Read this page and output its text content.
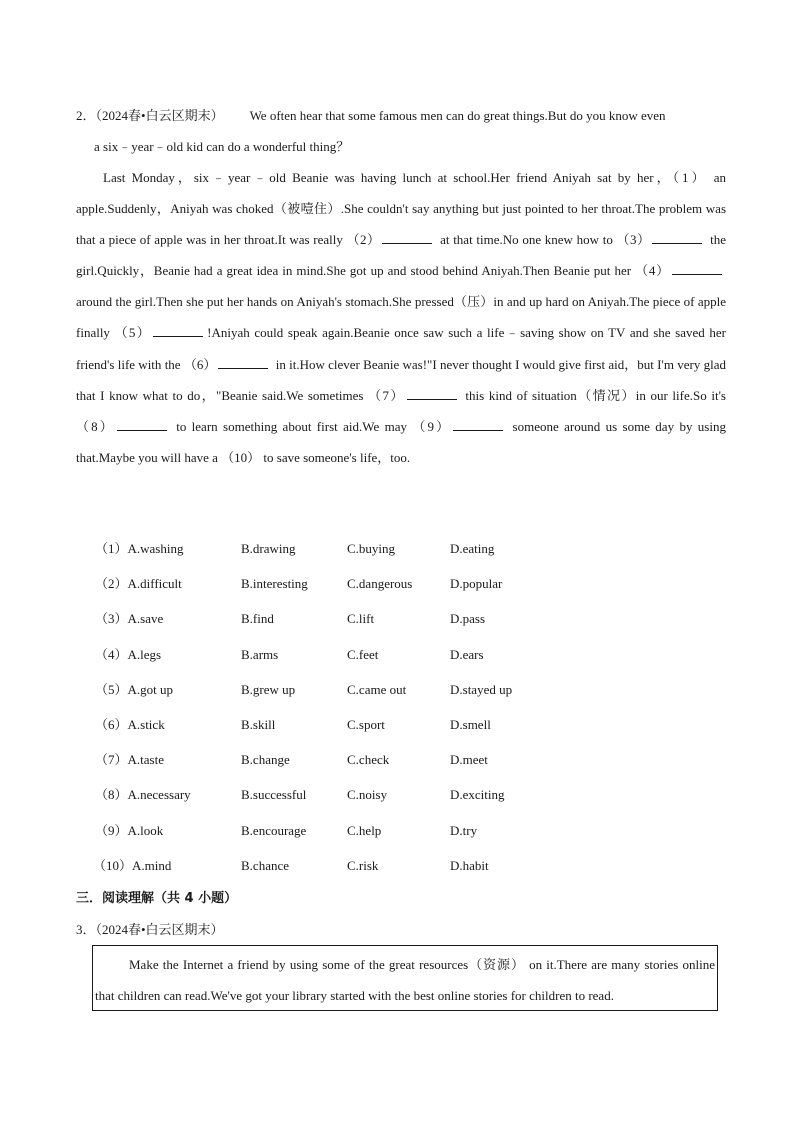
2．（2024春•白云区期末） We often hear that some famous men can do great things.But do you know even
a six﹣year﹣old kid can do a wonderful thing？

Last Monday，six﹣year﹣old Beanie was having lunch at school.Her friend Aniyah sat by her，（1） an apple.Suddenly，Aniyah was choked（被噎住）.She couldn't say anything but just pointed to her throat.The problem was that a piece of apple was in her throat.It was really （2）	at that time.No one knew how to （3）	the girl.Quickly，Beanie had a great idea in mind.She got up and stood behind Aniyah.Then Beanie put her （4） around the girl.Then she put her hands on Aniyah's stomach.She pressed（压）in and up hard on Aniyah.The piece of apple finally （5）	!Aniyah could speak again.Beanie once saw such a life﹣saving show on TV and she saved her friend's life with the （6）	in it.How clever Beanie was!"I never thought I would give first aid，but I'm very glad that I know what to do，"Beanie said.We sometimes （7）	this kind of situation（情况）in our life.So it's （8）	to learn something about first aid.We may （9）	someone around us some day by using that.Maybe you will have a （10） to save someone's life，too.

（1）A.washing	B.drawing	C.buying	D.eating
（2）A.difficult	B.interesting	C.dangerous	D.popular
（3）A.save	B.find	C.lift	D.pass
（4）A.legs	B.arms	C.feet	D.ears
（5）A.got up	B.grew up	C.came out	D.stayed up
（6）A.stick	B.skill	C.sport	D.smell
（7）A.taste	B.change	C.check	D.meet
（8）A.necessary	B.successful	C.noisy	D.exciting
（9）A.look	B.encourage	C.help	D.try
（10）A.mind	B.chance	C.risk	D.habit
三．阅读理解（共 4 小题）
3．（2024春•白云区期末）

Make the Internet a friend by using some of the great resources（资源） on it.There are many stories online that children can read.We've got your library started with the best online stories for children to read.
